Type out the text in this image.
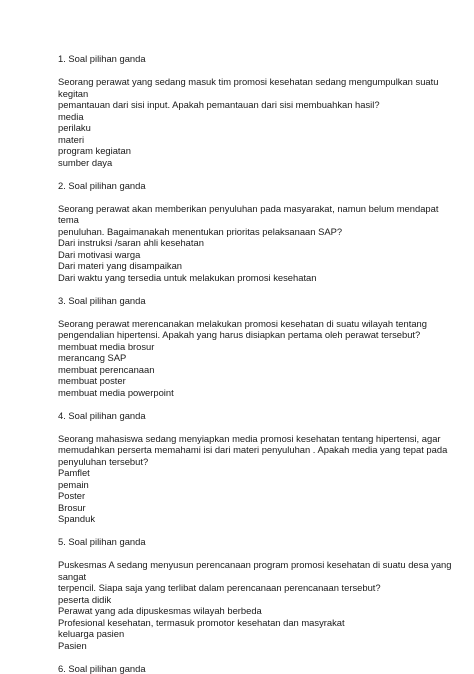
1. Soal pilihan ganda
Seorang perawat yang sedang masuk tim promosi kesehatan sedang mengumpulkan suatu kegitan
pemantauan dari sisi input. Apakah pemantauan dari sisi membuahkan hasil?
media
perilaku
materi
program kegiatan
sumber daya
2. Soal pilihan ganda
Seorang perawat akan memberikan penyuluhan pada masyarakat, namun belum mendapat tema
penuluhan. Bagaimanakah menentukan prioritas pelaksanaan SAP?
Dari instruksi /saran ahli kesehatan
Dari motivasi warga
Dari materi yang disampaikan
Dari waktu yang tersedia untuk melakukan promosi kesehatan
3. Soal pilihan ganda
Seorang perawat merencanakan melakukan promosi kesehatan di suatu wilayah tentang
pengendalian hipertensi. Apakah yang harus disiapkan pertama oleh perawat tersebut?
membuat media brosur
merancang SAP
membuat perencanaan
membuat poster
membuat media powerpoint
4. Soal pilihan ganda
Seorang mahasiswa sedang menyiapkan media promosi kesehatan tentang hipertensi, agar
memudahkan perserta memahami isi dari materi penyuluhan . Apakah media yang tepat pada
penyuluhan tersebut?
Pamflet
pemain
Poster
Brosur
Spanduk
5. Soal pilihan ganda
Puskesmas A sedang menyusun perencanaan program promosi kesehatan di suatu desa yang sangat
terpencil. Siapa saja yang terlibat dalam perencanaan perencanaan tersebut?
peserta didik
Perawat yang ada dipuskesmas wilayah berbeda
Profesional kesehatan, termasuk promotor kesehatan dan masyrakat
keluarga pasien
Pasien
6. Soal pilihan ganda
